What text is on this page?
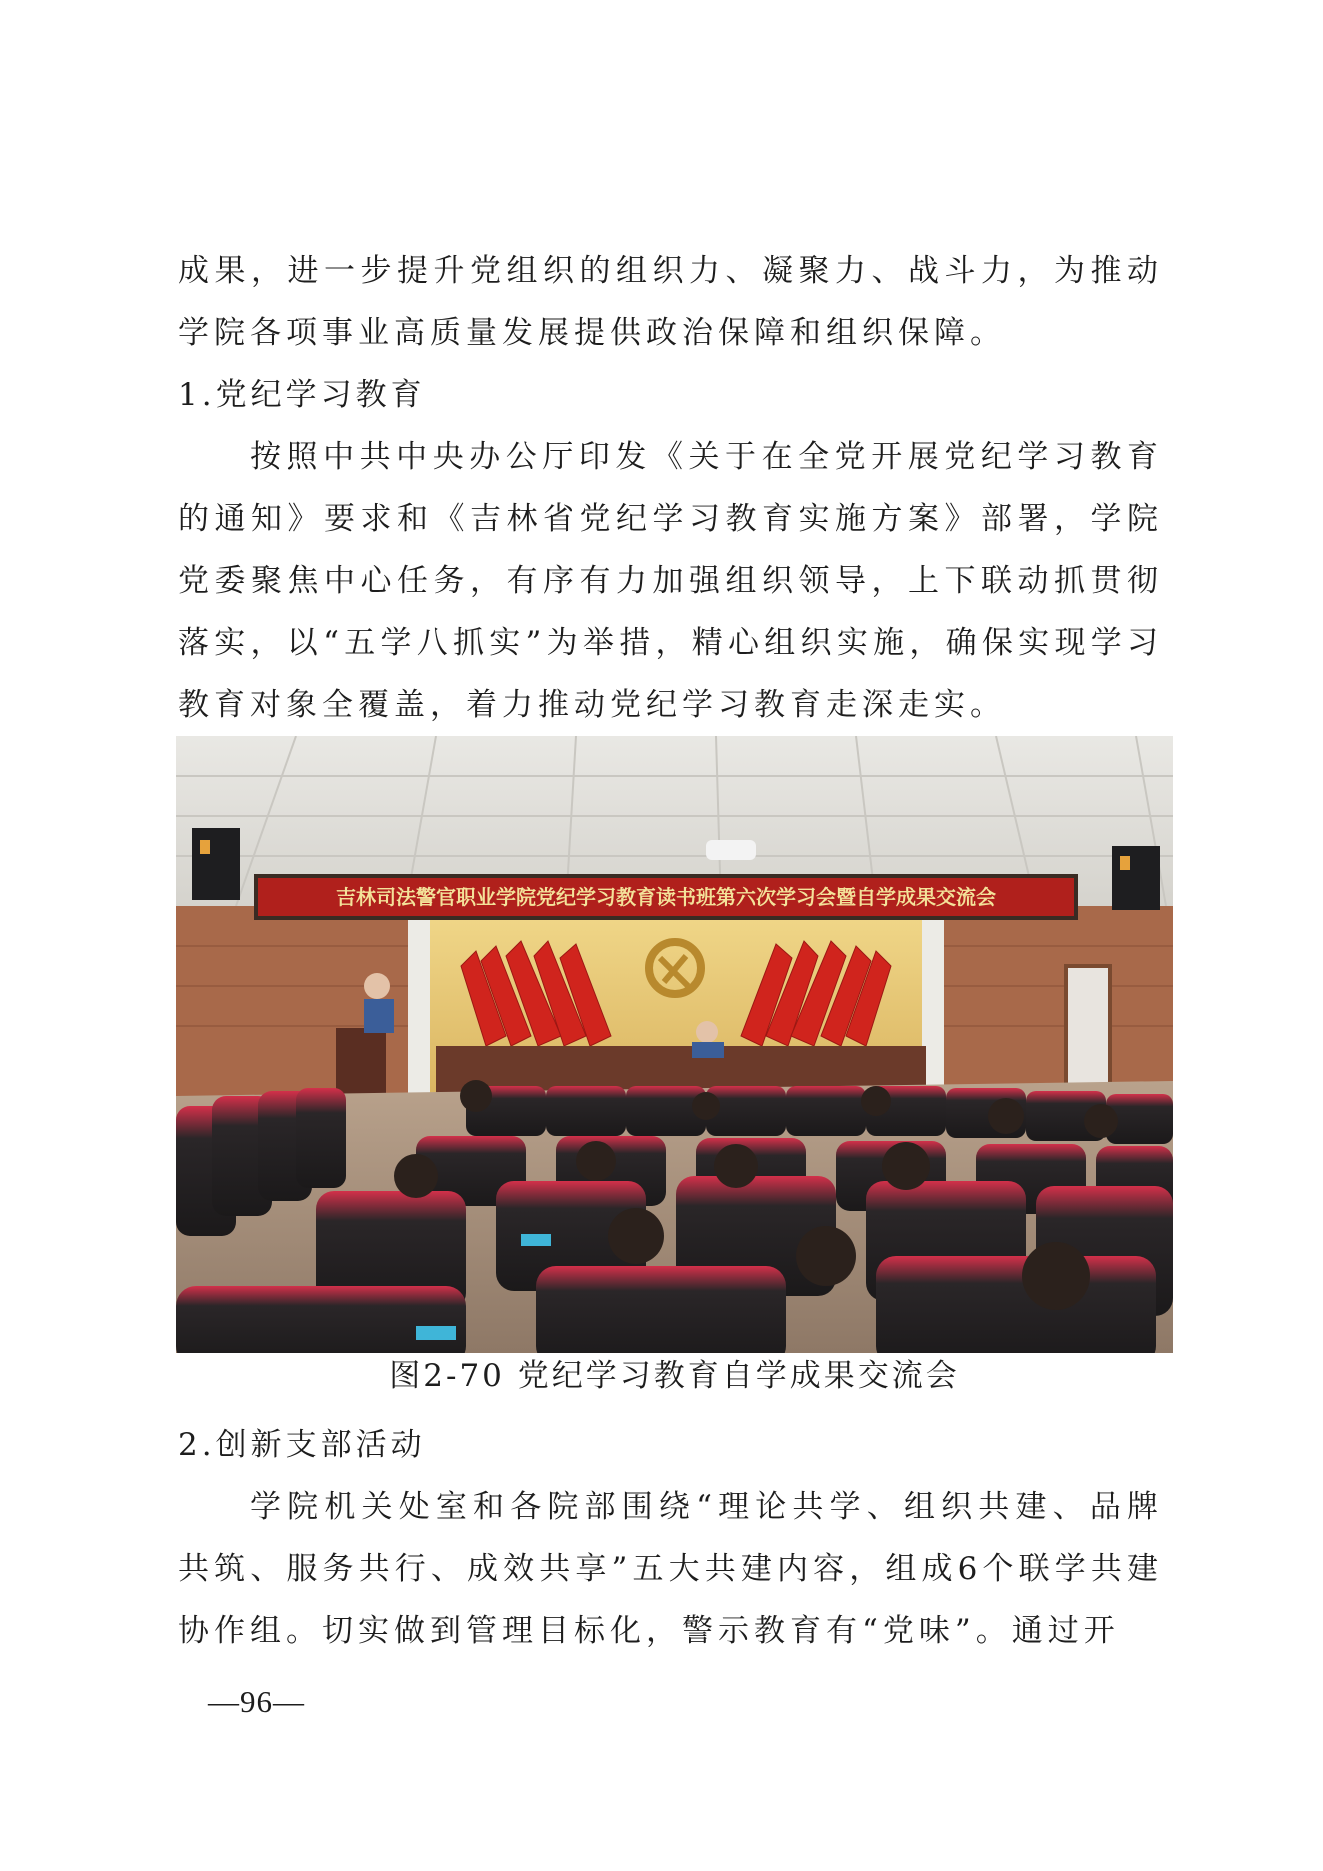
成果，进一步提升党组织的组织力、凝聚力、战斗力，为推动学院各项事业高质量发展提供政治保障和组织保障。

1.党纪学习教育

按照中共中央办公厅印发《关于在全党开展党纪学习教育的通知》要求和《吉林省党纪学习教育实施方案》部署，学院党委聚焦中心任务，有序有力加强组织领导，上下联动抓贯彻落实，以“五学八抓实”为举措，精心组织实施，确保实现学习教育对象全覆盖，着力推动党纪学习教育走深走实。

吉林司法警官职业学院党纪学习教育读书班第六次学习会暨自学成果交流会
图2-70 党纪学习教育自学成果交流会

2.创新支部活动

学院机关处室和各院部围绕“理论共学、组织共建、品牌共筑、服务共行、成效共享”五大共建内容，组成6个联学共建协作组。切实做到管理目标化，警示教育有“党味”。通过开

—96—
